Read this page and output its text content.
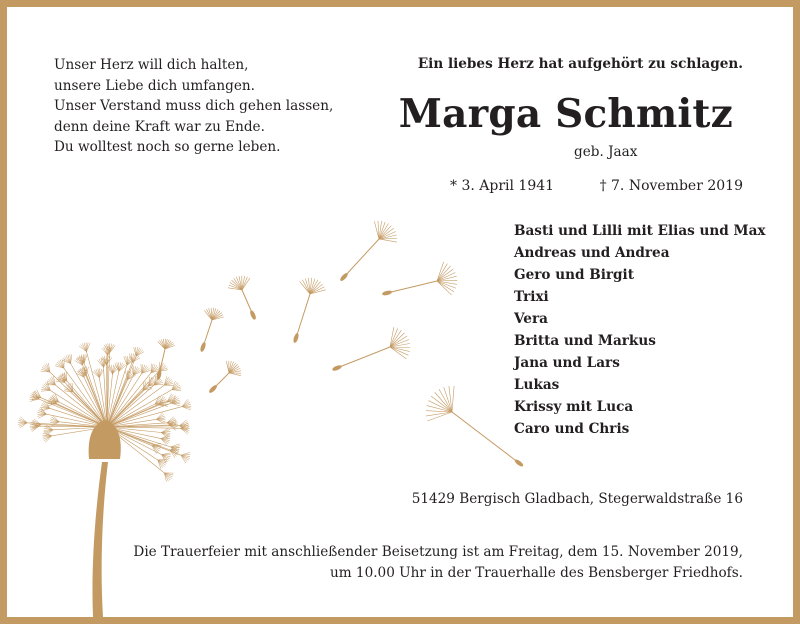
Unser Herz will dich halten,
unsere Liebe dich umfangen.
Unser Verstand muss dich gehen lassen,
denn deine Kraft war zu Ende.
Du wolltest noch so gerne leben.
Ein liebes Herz hat aufgehört zu schlagen.
Marga Schmitz
geb. Jaax
* 3. April 1941	† 7. November 2019
Basti und Lilli mit Elias und Max
Andreas und Andrea
Gero und Birgit
Trixi
Vera
Britta und Markus
Jana und Lars
Lukas
Krissy mit Luca
Caro und Chris
51429 Bergisch Gladbach, Stegerwaldstraße 16
Die Trauerfeier mit anschließender Beisetzung ist am Freitag, dem 15. November 2019,
um 10.00 Uhr in der Trauerhalle des Bensberger Friedhofs.
